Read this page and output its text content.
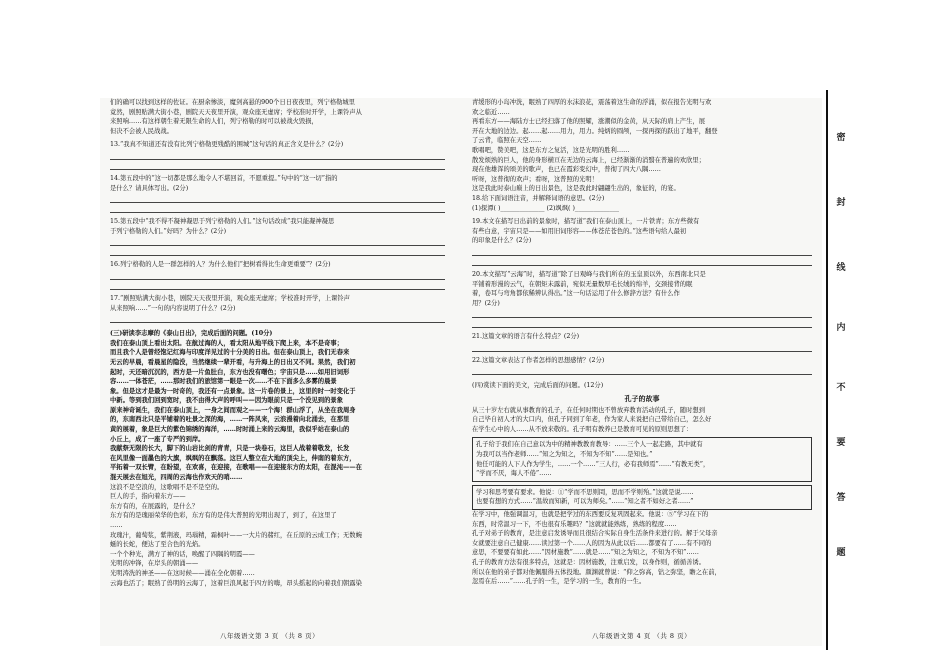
们的确可以找到这样的佐证。在厨余惨淡，魔剑高悬的900个日日夜夜里，列宁格勒城里
竟然，剧照贴满大街小巷，剧院天天夜里开演，观众座无虚席；学校准时开学，上课铃声从
来照响……有这样朝生着无限生命的人们，列宁格勒的时可以被战火毁损，
但决不会被人民战战。
13.“我真不知道还有没有比列宁格勒更残酷的围城”这句话的真正含义是什么？(2分)
14.第五段中的“这一切都是那么地令人不堪回首，不愿重提。”句中的“这一切”指的
是什么？请具体写出。(2分)
15.第五段中“我不得不凝神凝思于列宁格勒的人们。”这句话改成“我只能凝神凝思
于列宁格勒的人们。”好吗？为什么？(2分)
16.列宁格勒的人是一群怎样的人？为什么他们“把树看得比生命更重要”？(2分)
17.“剧照贴满大街小巷，剧院天天夜里开演，观众座无虚席；学校准时开学，上课铃声
从来照响……”一句的内容说明了什么？(2分)
(三)研读李志摩的《泰山日出》，完成后面的问题。(10分)
我们在泰山顶上看出太阳。在航过海的人，看太阳从地平线下爬上来，本不是奇事；
而且我个人是曾经饱记红海与印度洋见过的十分美的日出。但在泰山顶上，我们无春来
无云的早晨，看晨星的隐没，当然继续一辈开看，与升海上的日出又不同。果然，我们初
起时，天还暗沉沉的，西方是一片鱼肚白，东方也没有曙色；宇宙只是……如用旧词形
容……一体苍茫，……那时我们的旅馆第一眼是一次……不在下面多么多雾的晨景
象。但是这才是最为一时奇的，我还有一点景象。这一片卷的景上，这里的时一时变化于
中新。等到我们回到宽时，我不由得大声的呼叫——因为眼前只是一个没见到的景象
原来神奇诞生，我们在泰山顶上，一身之间而观之——一个海！群山浮了，从坐在我周身
的，东南西北只是平铺着的吐景之深的海，……一阵风来，云浪漫着向北涌去，在那里
黄的展着，象是巨大的紫色锦绣的海洋，……时时涌上来的云海里，我似乎站在泰山的
小丘上，成了一座了专严的到岸。
我献祭无限的长大，脚下的山岩比剑的青青，只是一块卷石，这巨人战着着敬发，长发
在风里像一面墨色的大旗，飒飒的在飘荡。这巨人整立在大地的顶尖上，伸南的着东方，
平拓着一双长臂，在盼望，在欢喜，在迎接，在歌唱——在迎接东方的太阳，在混沌——在
混天展去在旭光，四周的云海也作欢天的哨……
这浪不是空浪的，这歌唱不是不是空的。
巨人的手，指向着东方——
东方有的，在展露的，是什么？
东方有的是瑰丽荣华的色彩，东方有的是伟大普照的光明出现了，到了，在这里了
……
玫瑰汁，葡萄浆，紫荆液，玛瑙精，霜枫叶——一大片的赭红，在丘原的云成工作；无数蜿
蜒的长蛇，便达了至合色的光焰。
一个个种光，满方了神的话，唤醒了四隅的明霞——
光明的冲锋，在岸头的朝涌——
光明涛洗的神圣——在这时候——涌在全化朝着……
云海也活了；眠熟了兽明的云海了，这着巨浪风起于四方的嗨，昂头摇起的向着我们朝露染
八年级语文第 3 页 （共 8 页）
青缓形的小岛冲洗，眠熟了四厚的水沫浪花，震荡着这生命的浮涌，似在报告光明与欢
欢之临近……
再看东方——海陆方士已经扫落了他的照耀，涨潮似的金黄，从天际的肩上产生，展
开在大地的边边。起……起……用力，用力。纯炳的圆颅，一探再探的跃出了地平，翻登
了云背，临照在天空……
歌唱吧，赞美吧，这是东方之复活，这是光明的胜利……
散发烦熟的巨人，他的身形横亘在无边的云海上，已经渐渐的消翳在普遍的欢欣里；
现在他雄浑的颂美的歌声，也已在霞彩变幻中，普彻了四大八隅……
听呀，这普彻的欢声；看呀，这普照的光明！
这是我此时泰山巅上的日出景色，这是我此时翩翩生出的，象征的，的宴。
18.给下面词语注音，并解释词语的意思。(2分)
(1)探潭( )______________ (2)飒飒( )______________
19.本文在描写日出前的景象时，描写道“我们在泰山顶上，一片铁青；东方些微有
有些白意，宇宙只是——如用旧词形容——体苍茫苍色的。”这些语句给人最初
的印象是什么？(2分)
20.本文描写“云海”时，描写道“除了日观峰与我们所在的玉皇顶以外，东西南北只是
平铺着形漫的云气，在朝矩未露前，宛似无量数厚毛长绒的绵羊，交颈接背的眠
着，卷耳与弯角都依稀辨认得出。”这一句话运用了什么修辞方法？有什么作
用？(2分)
21.这篇文章的语言有什么特点？(2分)
22.这篇文章表达了作者怎样的思想感情？(2分)
(四)赏读下面的美文，完成后面的问题。(12分)
孔子的故事
从三十岁左右就从事教育的孔子，在任何时期也不曾放弃教育活动的孔子，随时想到
自己毕自初人才的大口内，但孔子同到了年老，作为家人来说把自己带给自己，怎么好
在学生心中的人……从不放来敬的。孔子明有教养已是教育可见的原则思想了：
孔子给于我们在自己意以为中的精神教教育教导：……三个人一起走路，其中就有
为我可以当作老师……“知之为知之，不知为不知”……是知也。”
他任可能的人下人作为学生，……一个……“三人行，必有我师焉”……“有教无类”，
“学而不厌，诲人不倦”……
学习和思考要有要求。他说：①“学而不思则罔，思而不学则殆。”这就是说……
也要有想的方式……“温故而知新，可以为师矣。”……“知之者不如好之者……”
在学习中，他强调温习，也就是把学过的东西要反复巩固起来。他说：⑤“学习在下的
东西，时常温习一下，不也很有乐趣吗？”这就就能熟练，熟练的程度……
孔子对弟子的教育，是注意启发诱导而且很结合实际自身生活条件来进行的。解于父母亲
女就要注意自己健康……读过第一个……人的因为从此以后……都要有了……有不同的
意思，不要要有如此……“因材施教”……就是……“知之为知之，不知为不知”……
孔子的教育方法有很多特点，这就是：因材施教，注重启发，以身作则，循循善诱。
所以在他的弟子都对他佩服得五体投地。颜渊就曾说：“仰之弥高，钻之弥坚，瞻之在前，
忽焉在后……”……孔子的一生，是学习的一生，教育的一生。
八年级语文第 4 页 （共 8 页）
密
封
线
内
不
要
答
题
